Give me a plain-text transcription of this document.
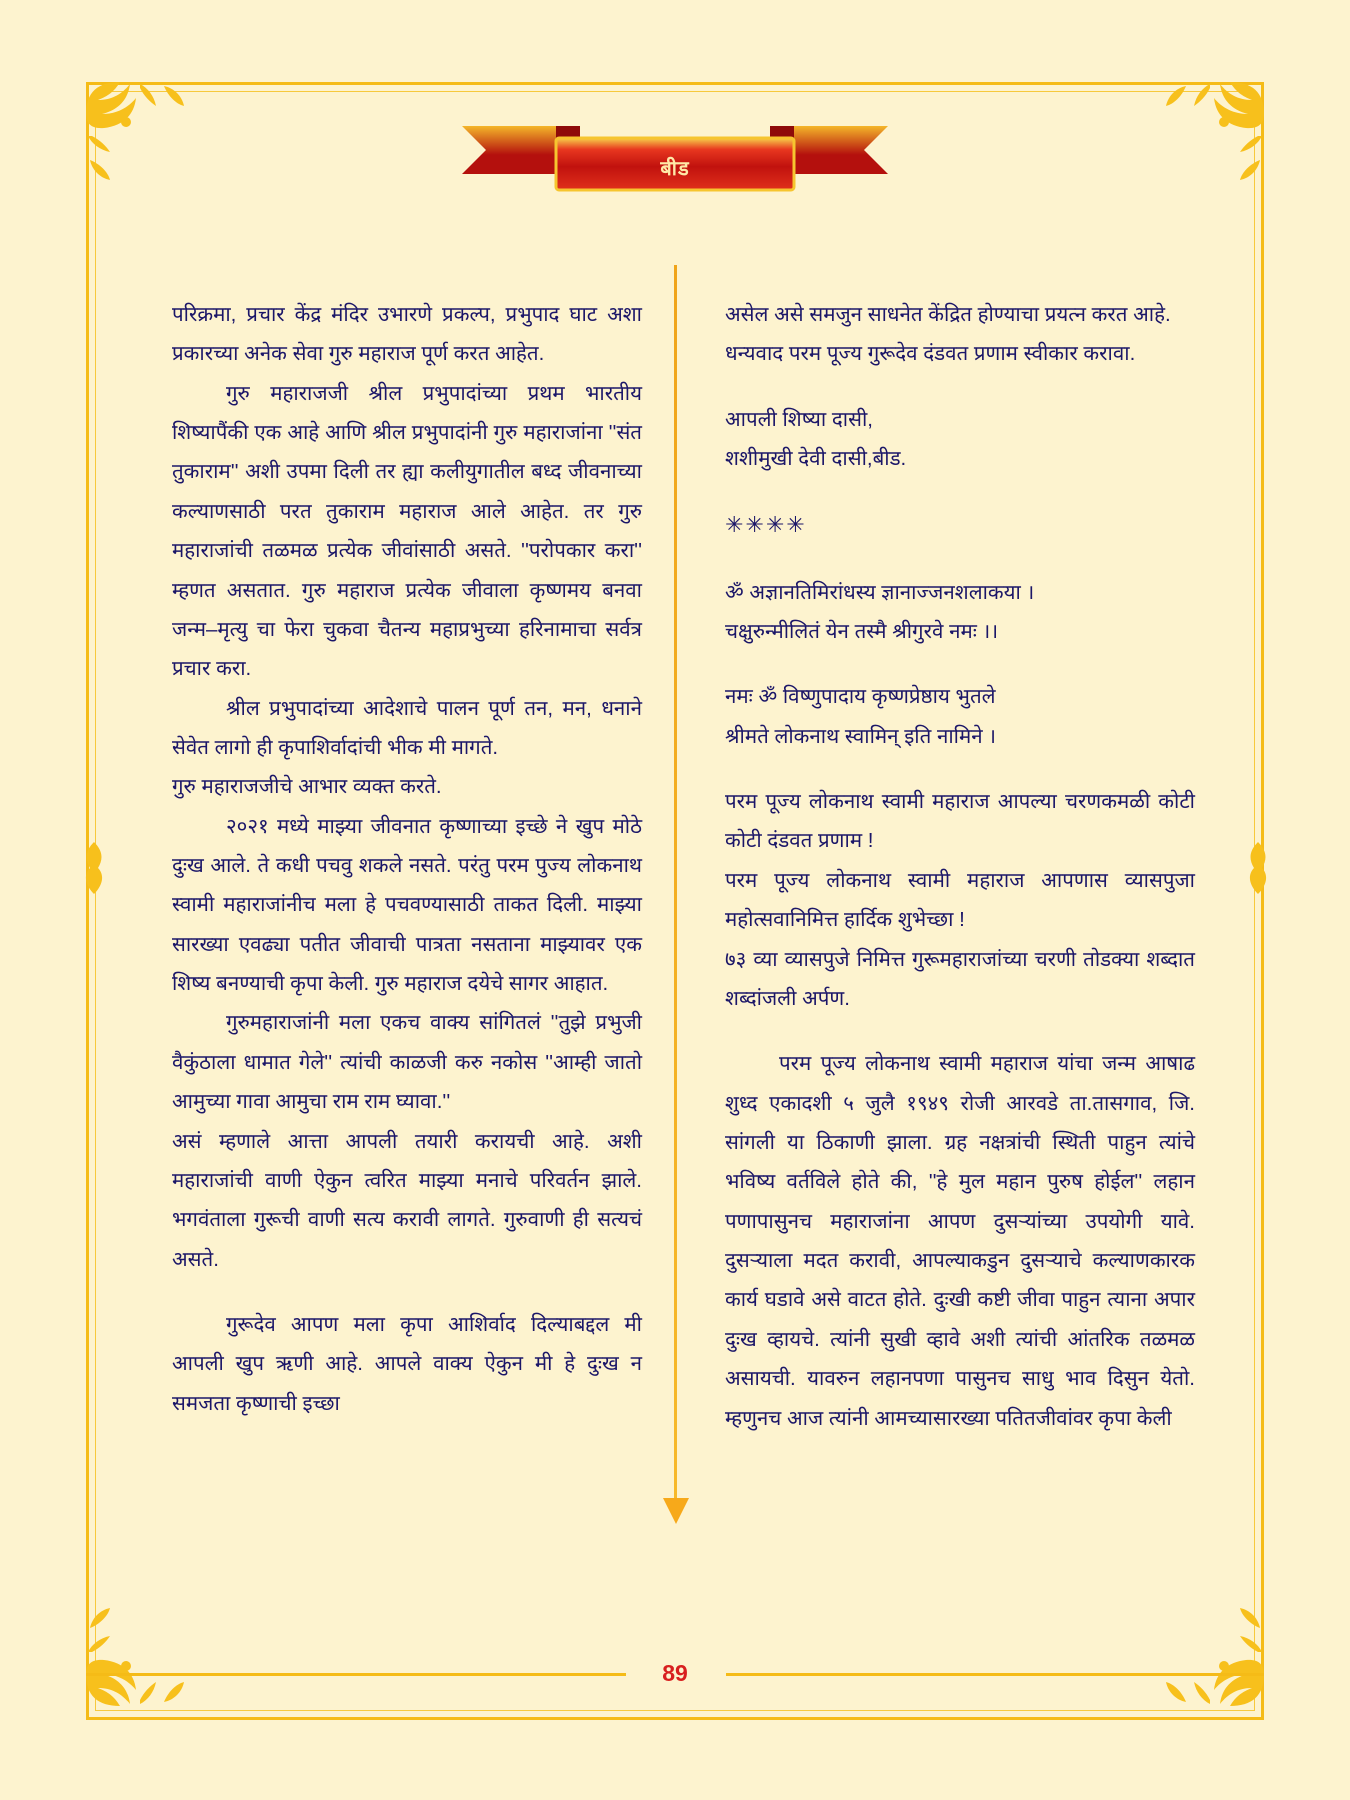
बीड

परिक्रमा, प्रचार केंद्र मंदिर उभारणे प्रकल्प, प्रभुपाद घाट अशा प्रकारच्या अनेक सेवा गुरु महाराज पूर्ण करत आहेत.

गुरु महाराजजी श्रील प्रभुपादांच्या प्रथम भारतीय शिष्यापैंकी एक आहे आणि श्रील प्रभुपादांनी गुरु महाराजांना ''संत तुकाराम'' अशी उपमा दिली तर ह्या कलीयुगातील बध्द जीवनाच्या कल्याणसाठी परत तुकाराम महाराज आले आहेत. तर गुरु महाराजांची तळमळ प्रत्येक जीवांसाठी असते. ''परोपकार करा'' म्हणत असतात. गुरु महाराज प्रत्येक जीवाला कृष्णमय बनवा जन्म–मृत्यु चा फेरा चुकवा चैतन्य महाप्रभुच्या हरिनामाचा सर्वत्र प्रचार करा.

श्रील प्रभुपादांच्या आदेशाचे पालन पूर्ण तन, मन, धनाने सेवेत लागो ही कृपाशिर्वादांची भीक मी मागते.

गुरु महाराजजीचे आभार व्यक्त करते.

२०२१ मध्ये माझ्या जीवनात कृष्णाच्या इच्छे ने खुप मोठे दुःख आले. ते कधी पचवु शकले नसते. परंतु परम पुज्य लोकनाथ स्वामी महाराजांनीच मला हे पचवण्यासाठी ताकत दिली. माझ्या सारख्या एवढ्या पतीत जीवाची पात्रता नसताना माझ्यावर एक शिष्य बनण्याची कृपा केली. गुरु महाराज दयेचे सागर आहात.

गुरुमहाराजांनी मला एकच वाक्य सांगितलं ''तुझे प्रभुजी वैकुंठाला धामात गेले'' त्यांची काळजी करु नकोस ''आम्ही जातो आमुच्या गावा आमुचा राम राम घ्यावा.''

असं म्हणाले आत्ता आपली तयारी करायची आहे. अशी महाराजांची वाणी ऐकुन त्वरित माझ्या मनाचे परिवर्तन झाले. भगवंताला गुरूची वाणी सत्य करावी लागते. गुरुवाणी ही सत्यचं असते.

गुरूदेव आपण मला कृपा आशिर्वाद दिल्याबद्दल मी आपली खुप ऋणी आहे. आपले वाक्य ऐकुन मी हे दुःख न समजता कृष्णाची इच्छा

असेल असे समजुन साधनेत केंद्रित होण्याचा प्रयत्न करत आहे.

धन्यवाद परम पूज्य गुरूदेव दंडवत प्रणाम स्वीकार करावा.

आपली शिष्या दासी,

शशीमुखी देवी दासी,बीड.

✳✳✳✳

ॐ अज्ञानतिमिरांधस्य ज्ञानाज्जनशलाकया ।

चक्षुरुन्मीलितं येन तस्मै श्रीगुरवे नमः ।।

नमः ॐ विष्णुपादाय कृष्णप्रेष्ठाय भुतले

श्रीमते लोकनाथ स्वामिन् इति नामिने ।

परम पूज्य लोकनाथ स्वामी महाराज आपल्या चरणकमळी कोटी कोटी दंडवत प्रणाम !

परम पूज्य लोकनाथ स्वामी महाराज आपणास व्यासपुजा महोत्सवानिमित्त हार्दिक शुभेच्छा !

७३ व्या व्यासपुजे निमित्त गुरूमहाराजांच्या चरणी तोडक्या शब्दात शब्दांजली अर्पण.

परम पूज्य लोकनाथ स्वामी महाराज यांचा जन्म आषाढ शुध्द एकादशी ५ जुलै १९४९ रोजी आरवडे ता.तासगाव, जि. सांगली या ठिकाणी झाला. ग्रह नक्षत्रांची स्थिती पाहुन त्यांचे भविष्य वर्तविले होते की, ''हे मुल महान पुरुष होईल'' लहान पणापासुनच महाराजांना आपण दुसऱ्यांच्या उपयोगी यावे. दुसऱ्याला मदत करावी, आपल्याकडुन दुसऱ्याचे कल्याणकारक कार्य घडावे असे वाटत होते. दुःखी कष्टी जीवा पाहुन त्याना अपार दुःख व्हायचे. त्यांनी सुखी व्हावे अशी त्यांची आंतरिक तळमळ असायची. यावरुन लहानपणा पासुनच साधु भाव दिसुन येतो. म्हणुनच आज त्यांनी आमच्यासारख्या पतितजीवांवर कृपा केली

89
